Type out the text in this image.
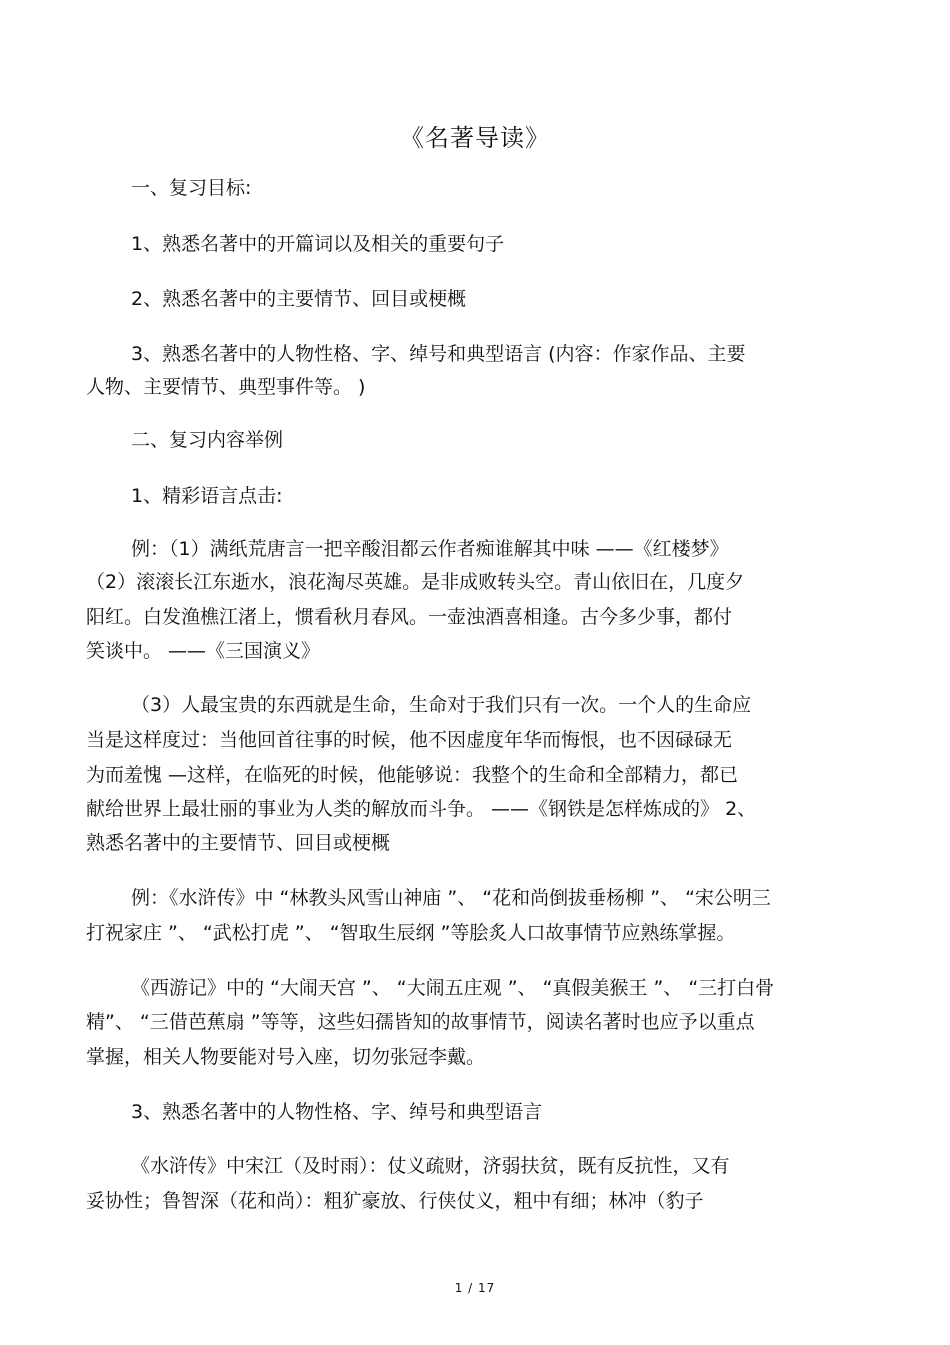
《名著导读》
一、复习目标:
1、熟悉名著中的开篇词以及相关的重要句子
2、熟悉名著中的主要情节、回目或梗概
3、熟悉名著中的人物性格、字、绰号和典型语言 (内容：作家作品、主要
人物、主要情节、典型事件等。 )
二、复习内容举例
1、精彩语言点击:
例：（1）满纸荒唐言一把辛酸泪都云作者痴谁解其中味 ——《红楼梦》
（2）滚滚长江东逝水，浪花淘尽英雄。是非成败转头空。青山依旧在，几度夕
阳红。白发渔樵江渚上，惯看秋月春风。一壶浊酒喜相逢。古今多少事，都付
笑谈中。 ——《三国演义》
（3）人最宝贵的东西就是生命，生命对于我们只有一次。一个人的生命应
当是这样度过：当他回首往事的时候，他不因虚度年华而悔恨，也不因碌碌无
为而羞愧 —这样，在临死的时候，他能够说：我整个的生命和全部精力，都已
献给世界上最壮丽的事业为人类的解放而斗争。 ——《钢铁是怎样炼成的》 2、
熟悉名著中的主要情节、回目或梗概
例：《水浒传》中 “林教头风雪山神庙 ”、 “花和尚倒拔垂杨柳 ”、 “宋公明三
打祝家庄 ”、 “武松打虎 ”、 “智取生辰纲 ”等脍炙人口故事情节应熟练掌握。
《西游记》中的 “大闹天宫 ”、 “大闹五庄观 ”、 “真假美猴王 ”、 “三打白骨
精”、 “三借芭蕉扇 ”等等，这些妇孺皆知的故事情节，阅读名著时也应予以重点
掌握，相关人物要能对号入座，切勿张冠李戴。
3、熟悉名著中的人物性格、字、绰号和典型语言
《水浒传》中宋江（及时雨）：仗义疏财，济弱扶贫，既有反抗性，又有
妥协性；鲁智深（花和尚）：粗犷豪放、行侠仗义，粗中有细；林冲（豹子
1 / 17
